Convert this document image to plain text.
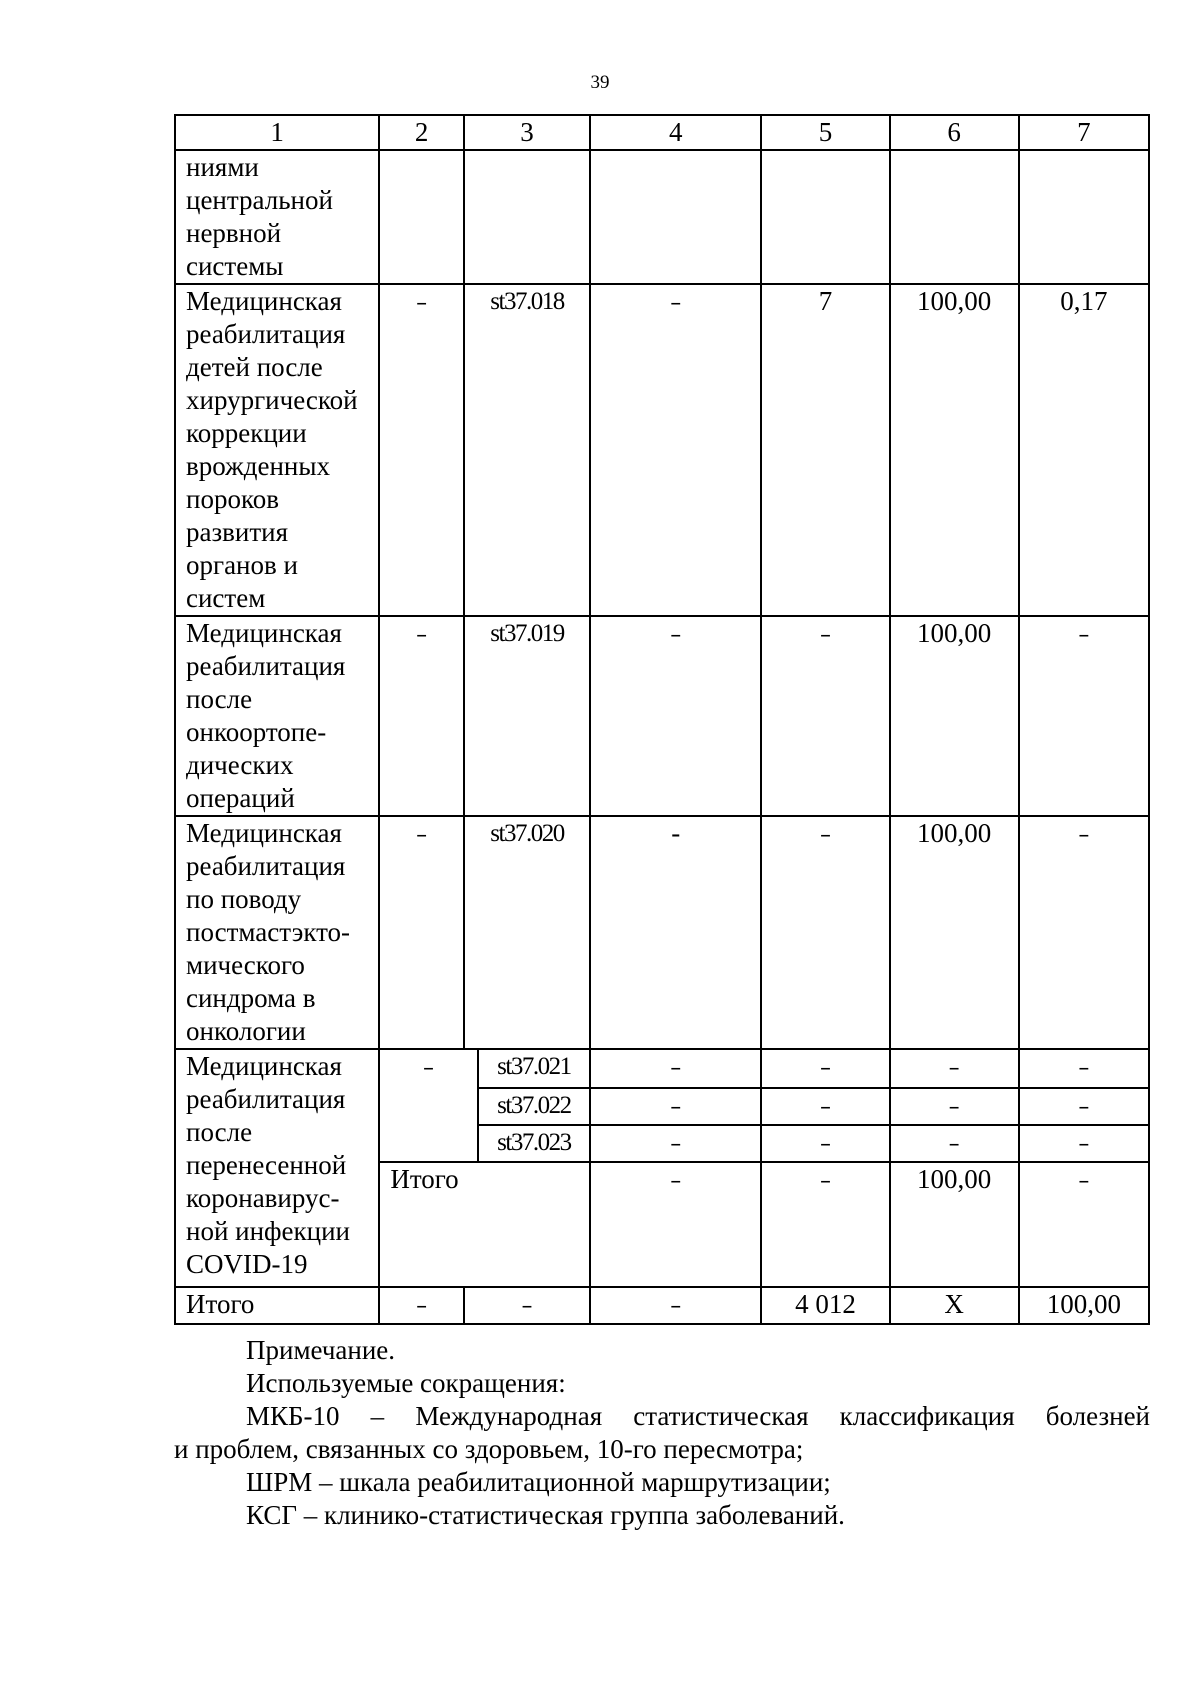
39
1	2	3		4	5	6	7
ниями центральной нервной системы							
Медицинская реабилитация детей после хирургической коррекции врожденных пороков развития органов и систем	–	st37.018		–	7	100,00	0,17
Медицинская реабилитация после онкоортопе-дических операций	–	st37.019		–	–	100,00	–
Медицинская реабилитация по поводу постмастэкто-мического синдрома в онкологии	–	st37.020		-	–	100,00	–
Медицинская реабилитация после перенесенной коронавирус-ной инфекции COVID-19	–		st37.021	–	–	–	–
			st37.022	–	–	–	–
			st37.023	–	–	–	–
	Итого			–	–	100,00	–
Итого	–	–		–	4 012	X	100,00

Примечание.

Используемые сокращения:

МКБ-10 – Международная статистическая классификация болезней

и проблем, связанных со здоровьем, 10-го пересмотра;

ШРМ – шкала реабилитационной маршрутизации;

КСГ – клинико-статистическая группа заболеваний.
